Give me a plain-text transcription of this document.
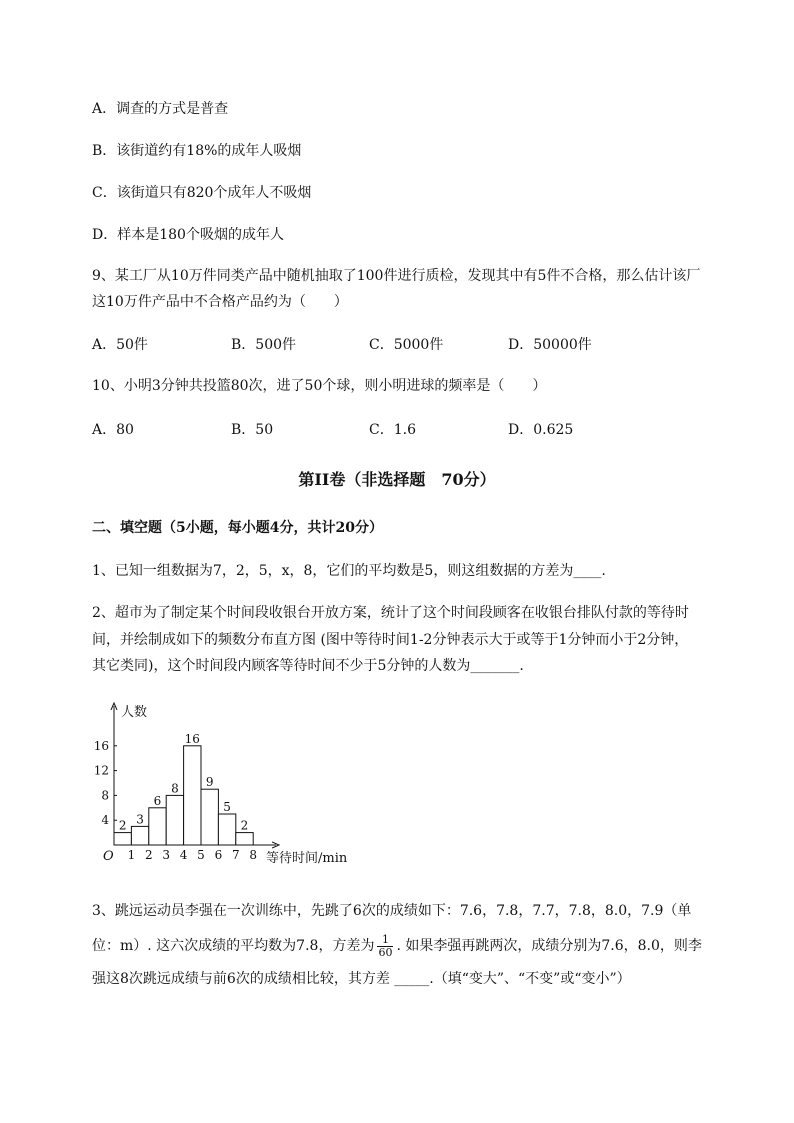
A．调查的方式是普查
B．该街道约有18%的成年人吸烟
C．该街道只有820个成年人不吸烟
D．样本是180个吸烟的成年人
9、某工厂从10万件同类产品中随机抽取了100件进行质检，发现其中有5件不合格，那么估计该厂
这10万件产品中不合格产品约为（　　）
A．50件	B．500件	C．5000件	D．50000件
10、小明3分钟共投篮80次，进了50个球，则小明进球的频率是（　　）
A．80	B．50	C．1.6	D．0.625
第II卷（非选择题　70分）
二、填空题（5小题，每小题4分，共计20分）
1、已知一组数据为7，2，5，x，8，它们的平均数是5，则这组数据的方差为____.
2、超市为了制定某个时间段收银台开放方案，统计了这个时间段顾客在收银台排队付款的等待时
间，并绘制成如下的频数分布直方图 (图中等待时间1-2分钟表示大于或等于1分钟而小于2分钟，
其它类同)，这个时间段内顾客等待时间不少于5分钟的人数为_______.
人数
O
4
8
12
16
1 2 3 4 5 6 7 8
2 3
6
8
16
9
5
2
等待时间/min
3、跳远运动员李强在一次训练中，先跳了6次的成绩如下：7.6，7.8，7.7，7.8，8.0，7.9（单
位：m）. 这六次成绩的平均数为7.8，方差为 $\frac{1}{60}$ . 如果李强再跳两次，成绩分别为7.6，8.0，则李
强这8次跳远成绩与前6次的成绩相比较，其方差 _____.（填“变大”、“不变”或“变小”）
